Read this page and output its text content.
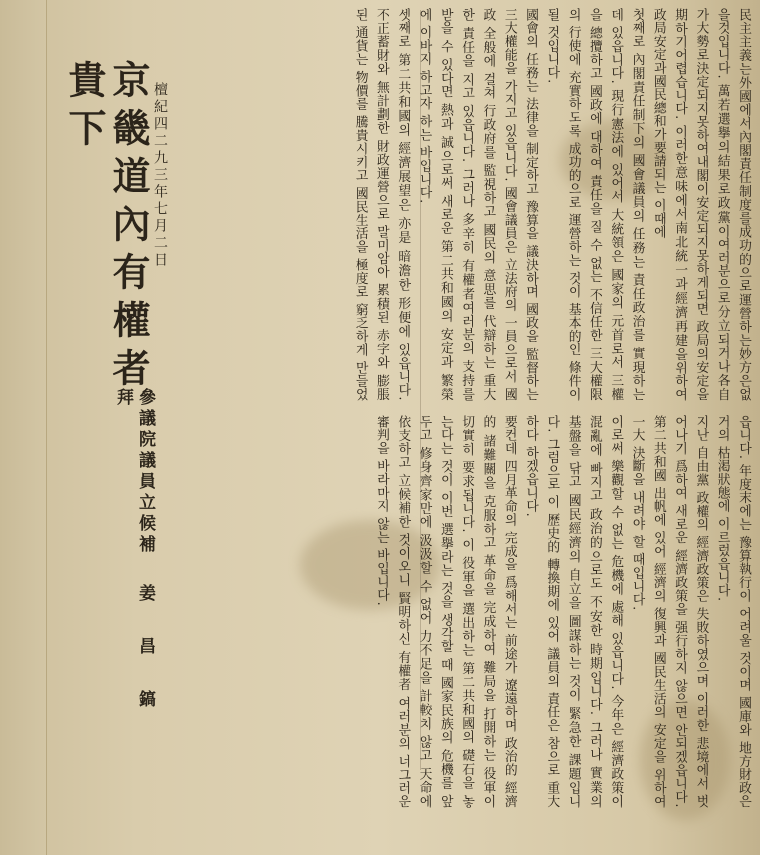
民主主義는外國에서內閣責任制度를成功的으로運營하는妙方은없을것입니다. 萬若選擧의結果로政黨이여러분으로分立되거나各自가大勢로決定되지못하여내閣이安定되지못하게되면 政局의安定을期하기어렵습니다. 이러한意味에서南北統一과經濟再建을위하여 政局安定과國民總和가要請되는 이때에

첫째로 內閣責任制下의 國會議員의 任務는 責任政治를 實現하는데 있읍니다. 現行憲法에 있어서 大統領은 國家의 元首로서 三權을 總攬하고 國政에 대하여 責任을 질 수 없는 不信任한 三大權限의 行使에 充實하도록 成功的으로 運營하는 것이 基本的인 條件이 될 것입니다.

國會의 任務는 法律을 制定하고 豫算을 議決하며 國政을 監督하는 三大權能을 가지고 있읍니다. 國會議員은 立法府의 一員으로서 國政 全般에 걸쳐 行政府를 監視하고 國民의 意思를 代辯하는 重大한 責任을 지고 있읍니다. 그러나 多辛히 有權者여러분의 支持를 받을 수 있다면 熱과 誠으로써 새로운 第二共和國의 安定과 繁榮에 이바지 하고자 하는 바입니다.

셋째로 第二共和國의 經濟展望은 亦是 暗澹한 形便에 있읍니다. 不正蓄財와 無計劃한 財政運營으로 말미암아 累積된 赤字와 膨脹된 通貨는 物價를 騰貴시키고 國民生活을 極度로 窮乏하게 만들었읍니다. 年度末에는 豫算執行이 어려울 것이며 國庫와 地方財政은 거의 枯渇狀態에 이르렀읍니다.

지난 自由黨 政權의 經濟政策은 失敗하였으며 이러한 悲境에서 벗어나기 爲하여 새로운 經濟政策을 强行하지 않으면 안되겠읍니다. 第二共和國 出帆에 있어 經濟의 復興과 國民生活의 安定을 위하여 一大 決斷을 내려야 할 때입니다.

이로써 樂觀할 수 없는 危機에 處해 있읍니다. 今年은 經濟政策이 混亂에 빠지고 政治的으로도 不安한 時期입니다. 그러나 實業의 基盤을 닦고 國民經濟의 自立을 圖謀하는 것이 緊急한 課題입니다. 그럼으로 이 歷史的 轉換期에 있어 議員의 責任은 참으로 重大하다 하겠읍니다.

要컨데 四月革命의 完成을 爲해서는 前途가 遼遠하며 政治的 經濟的 諸難關을 克服하고 革命을 完成하여 難局을 打開하는 役軍이 切實히 要求됩니다. 이 役軍을 選出하는 第二共和國의 礎石을 놓는다는 것이 이번 選擧라는 것을 생각할 때 國家民族의 危機를 앞두고 修身齊家만에 汲汲할 수 없어 力不足을 計較치 않고 天命에 依支하고 立候補한 것이오니 賢明하신 有權者 여러분의 너그러운 審判을 바라마지 않는 바입니다.

檀紀四二九三年七月二日
參議院議員立候補 姜昌鎬 拜
京畿道內有權者 貴下
